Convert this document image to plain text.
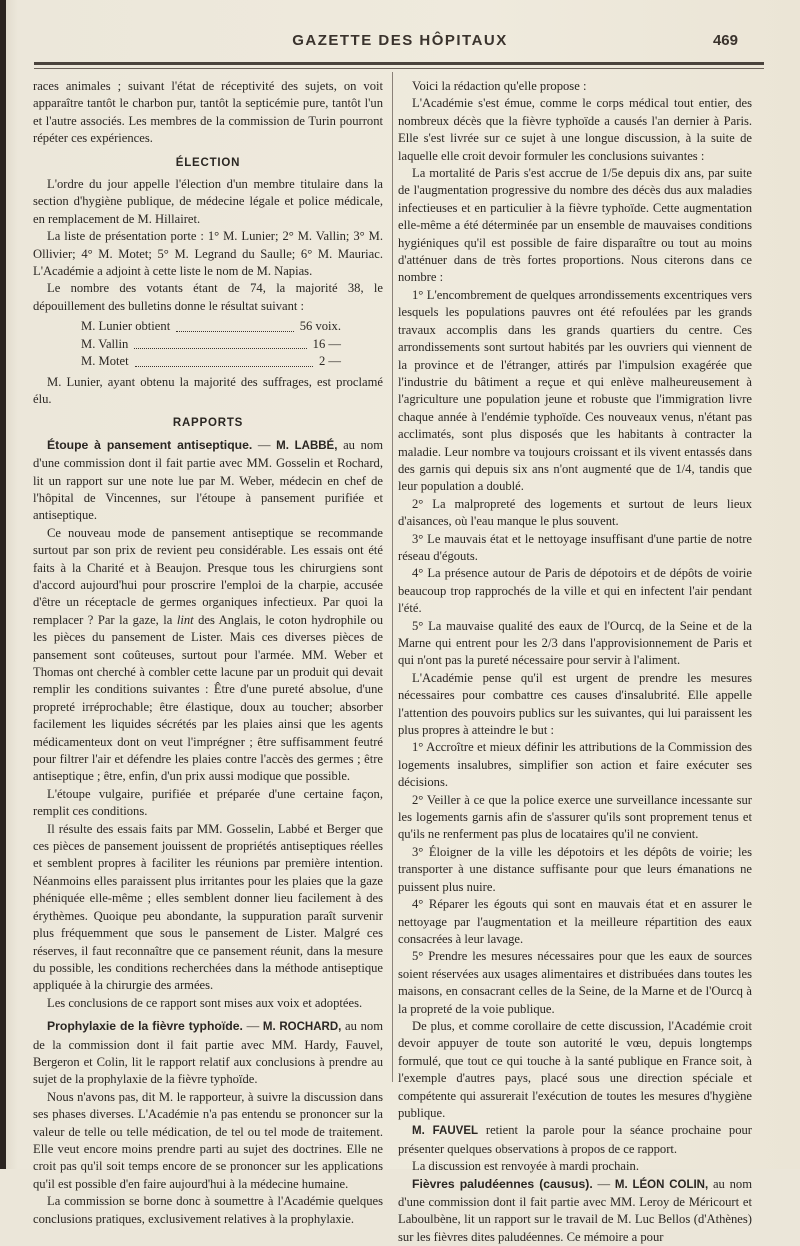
GAZETTE DES HÔPITAUX	469

races animales ; suivant l'état de réceptivité des sujets, on voit apparaître tantôt le charbon pur, tantôt la septicémie pure, tantôt l'un et l'autre associés. Les membres de la commission de Turin pourront répéter ces expériences.

ÉLECTION

L'ordre du jour appelle l'élection d'un membre titulaire dans la section d'hygiène publique, de médecine légale et police médicale, en remplacement de M. Hillairet.

La liste de présentation porte : 1° M. Lunier; 2° M. Vallin; 3° M. Ollivier; 4° M. Motet; 5° M. Legrand du Saulle; 6° M. Mauriac. L'Académie a adjoint à cette liste le nom de M. Napias.

Le nombre des votants étant de 74, la majorité 38, le dépouillement des bulletins donne le résultat suivant :

M. Lunier obtient	56 voix.
M. Vallin	16 —
M. Motet	2 —

M. Lunier, ayant obtenu la majorité des suffrages, est proclamé élu.

RAPPORTS

Étoupe à pansement antiseptique. — M. LABBÉ, au nom d'une commission dont il fait partie avec MM. Gosselin et Rochard, lit un rapport sur une note lue par M. Weber, médecin en chef de l'hôpital de Vincennes, sur l'étoupe à pansement purifiée et antiseptique.

Ce nouveau mode de pansement antiseptique se recommande surtout par son prix de revient peu considérable. Les essais ont été faits à la Charité et à Beaujon. Presque tous les chirurgiens sont d'accord aujourd'hui pour proscrire l'emploi de la charpie, accusée d'être un réceptacle de germes organiques infectieux. Par quoi la remplacer ? Par la gaze, la lint des Anglais, le coton hydrophile ou les pièces du pansement de Lister. Mais ces diverses pièces de pansement sont coûteuses, surtout pour l'armée. MM. Weber et Thomas ont cherché à combler cette lacune par un produit qui devait remplir les conditions suivantes : Être d'une pureté absolue, d'une propreté irréprochable; être élastique, doux au toucher; absorber facilement les liquides sécrétés par les plaies ainsi que les agents médicamenteux dont on veut l'imprégner ; être suffisamment feutré pour filtrer l'air et défendre les plaies contre l'accès des germes ; être antiseptique ; être, enfin, d'un prix aussi modique que possible.

L'étoupe vulgaire, purifiée et préparée d'une certaine façon, remplit ces conditions.

Il résulte des essais faits par MM. Gosselin, Labbé et Berger que ces pièces de pansement jouissent de propriétés antiseptiques réelles et semblent propres à faciliter les réunions par première intention. Néanmoins elles paraissent plus irritantes pour les plaies que la gaze phéniquée elle-même ; elles semblent donner lieu facilement à des érythèmes. Quoique peu abondante, la suppuration paraît survenir plus fréquemment que sous le pansement de Lister. Malgré ces réserves, il faut reconnaître que ce pansement réunit, dans la mesure du possible, les conditions recherchées dans la méthode antiseptique appliquée à la chirurgie des armées.

Les conclusions de ce rapport sont mises aux voix et adoptées.

Prophylaxie de la fièvre typhoïde. — M. ROCHARD, au nom de la commission dont il fait partie avec MM. Hardy, Fauvel, Bergeron et Colin, lit le rapport relatif aux conclusions à prendre au sujet de la prophylaxie de la fièvre typhoïde.

Nous n'avons pas, dit M. le rapporteur, à suivre la discussion dans ses phases diverses. L'Académie n'a pas entendu se prononcer sur la valeur de telle ou telle médication, de tel ou tel mode de traitement. Elle veut encore moins prendre parti au sujet des doctrines. Elle ne croit pas qu'il soit temps encore de se prononcer sur les applications qu'il est possible d'en faire aujourd'hui à la médecine humaine.

La commission se borne donc à soumettre à l'Académie quelques conclusions pratiques, exclusivement relatives à la prophylaxie.

Voici la rédaction qu'elle propose :

L'Académie s'est émue, comme le corps médical tout entier, des nombreux décès que la fièvre typhoïde a causés l'an dernier à Paris. Elle s'est livrée sur ce sujet à une longue discussion, à la suite de laquelle elle croit devoir formuler les conclusions suivantes :

La mortalité de Paris s'est accrue de 1/5e depuis dix ans, par suite de l'augmentation progressive du nombre des décès dus aux maladies infectieuses et en particulier à la fièvre typhoïde. Cette augmentation elle-même a été déterminée par un ensemble de mauvaises conditions hygiéniques qu'il est possible de faire disparaître ou tout au moins d'atténuer dans de très fortes proportions. Nous citerons dans ce nombre :

1° L'encombrement de quelques arrondissements excentriques vers lesquels les populations pauvres ont été refoulées par les grands travaux accomplis dans les grands quartiers du centre. Ces arrondissements sont surtout habités par les ouvriers qui viennent de la province et de l'étranger, attirés par l'impulsion exagérée que l'industrie du bâtiment a reçue et qui enlève malheureusement à l'agriculture une population jeune et robuste que l'immigration livre chaque année à l'endémie typhoïde. Ces nouveaux venus, n'étant pas acclimatés, sont plus disposés que les habitants à contracter la maladie. Leur nombre va toujours croissant et ils vivent entassés dans des garnis qui depuis six ans n'ont augmenté que de 1/4, tandis que leur population a doublé.

2° La malpropreté des logements et surtout de leurs lieux d'aisances, où l'eau manque le plus souvent.

3° Le mauvais état et le nettoyage insuffisant d'une partie de notre réseau d'égouts.

4° La présence autour de Paris de dépotoirs et de dépôts de voirie beaucoup trop rapprochés de la ville et qui en infectent l'air pendant l'été.

5° La mauvaise qualité des eaux de l'Ourcq, de la Seine et de la Marne qui entrent pour les 2/3 dans l'approvisionnement de Paris et qui n'ont pas la pureté nécessaire pour servir à l'aliment.

L'Académie pense qu'il est urgent de prendre les mesures nécessaires pour combattre ces causes d'insalubrité. Elle appelle l'attention des pouvoirs publics sur les suivantes, qui lui paraissent les plus propres à atteindre le but :

1° Accroître et mieux définir les attributions de la Commission des logements insalubres, simplifier son action et faire exécuter ses décisions.

2° Veiller à ce que la police exerce une surveillance incessante sur les logements garnis afin de s'assurer qu'ils sont proprement tenus et qu'ils ne renferment pas plus de locataires qu'il ne convient.

3° Éloigner de la ville les dépotoirs et les dépôts de voirie; les transporter à une distance suffisante pour que leurs émanations ne puissent plus nuire.

4° Réparer les égouts qui sont en mauvais état et en assurer le nettoyage par l'augmentation et la meilleure répartition des eaux consacrées à leur lavage.

5° Prendre les mesures nécessaires pour que les eaux de sources soient réservées aux usages alimentaires et distribuées dans toutes les maisons, en consacrant celles de la Seine, de la Marne et de l'Ourcq à la propreté de la voie publique.

De plus, et comme corollaire de cette discussion, l'Académie croit devoir appuyer de toute son autorité le vœu, depuis longtemps formulé, que tout ce qui touche à la santé publique en France soit, à l'exemple d'autres pays, placé sous une direction spéciale et compétente qui assurerait l'exécution de toutes les mesures d'hygiène publique.

M. FAUVEL retient la parole pour la séance prochaine pour présenter quelques observations à propos de ce rapport.

La discussion est renvoyée à mardi prochain.

Fièvres paludéennes (causus). — M. LÉON COLIN, au nom d'une commission dont il fait partie avec MM. Leroy de Méricourt et Laboulbène, lit un rapport sur le travail de M. Luc Bellos (d'Athènes) sur les fièvres dites paludéennes. Ce mémoire a pour
